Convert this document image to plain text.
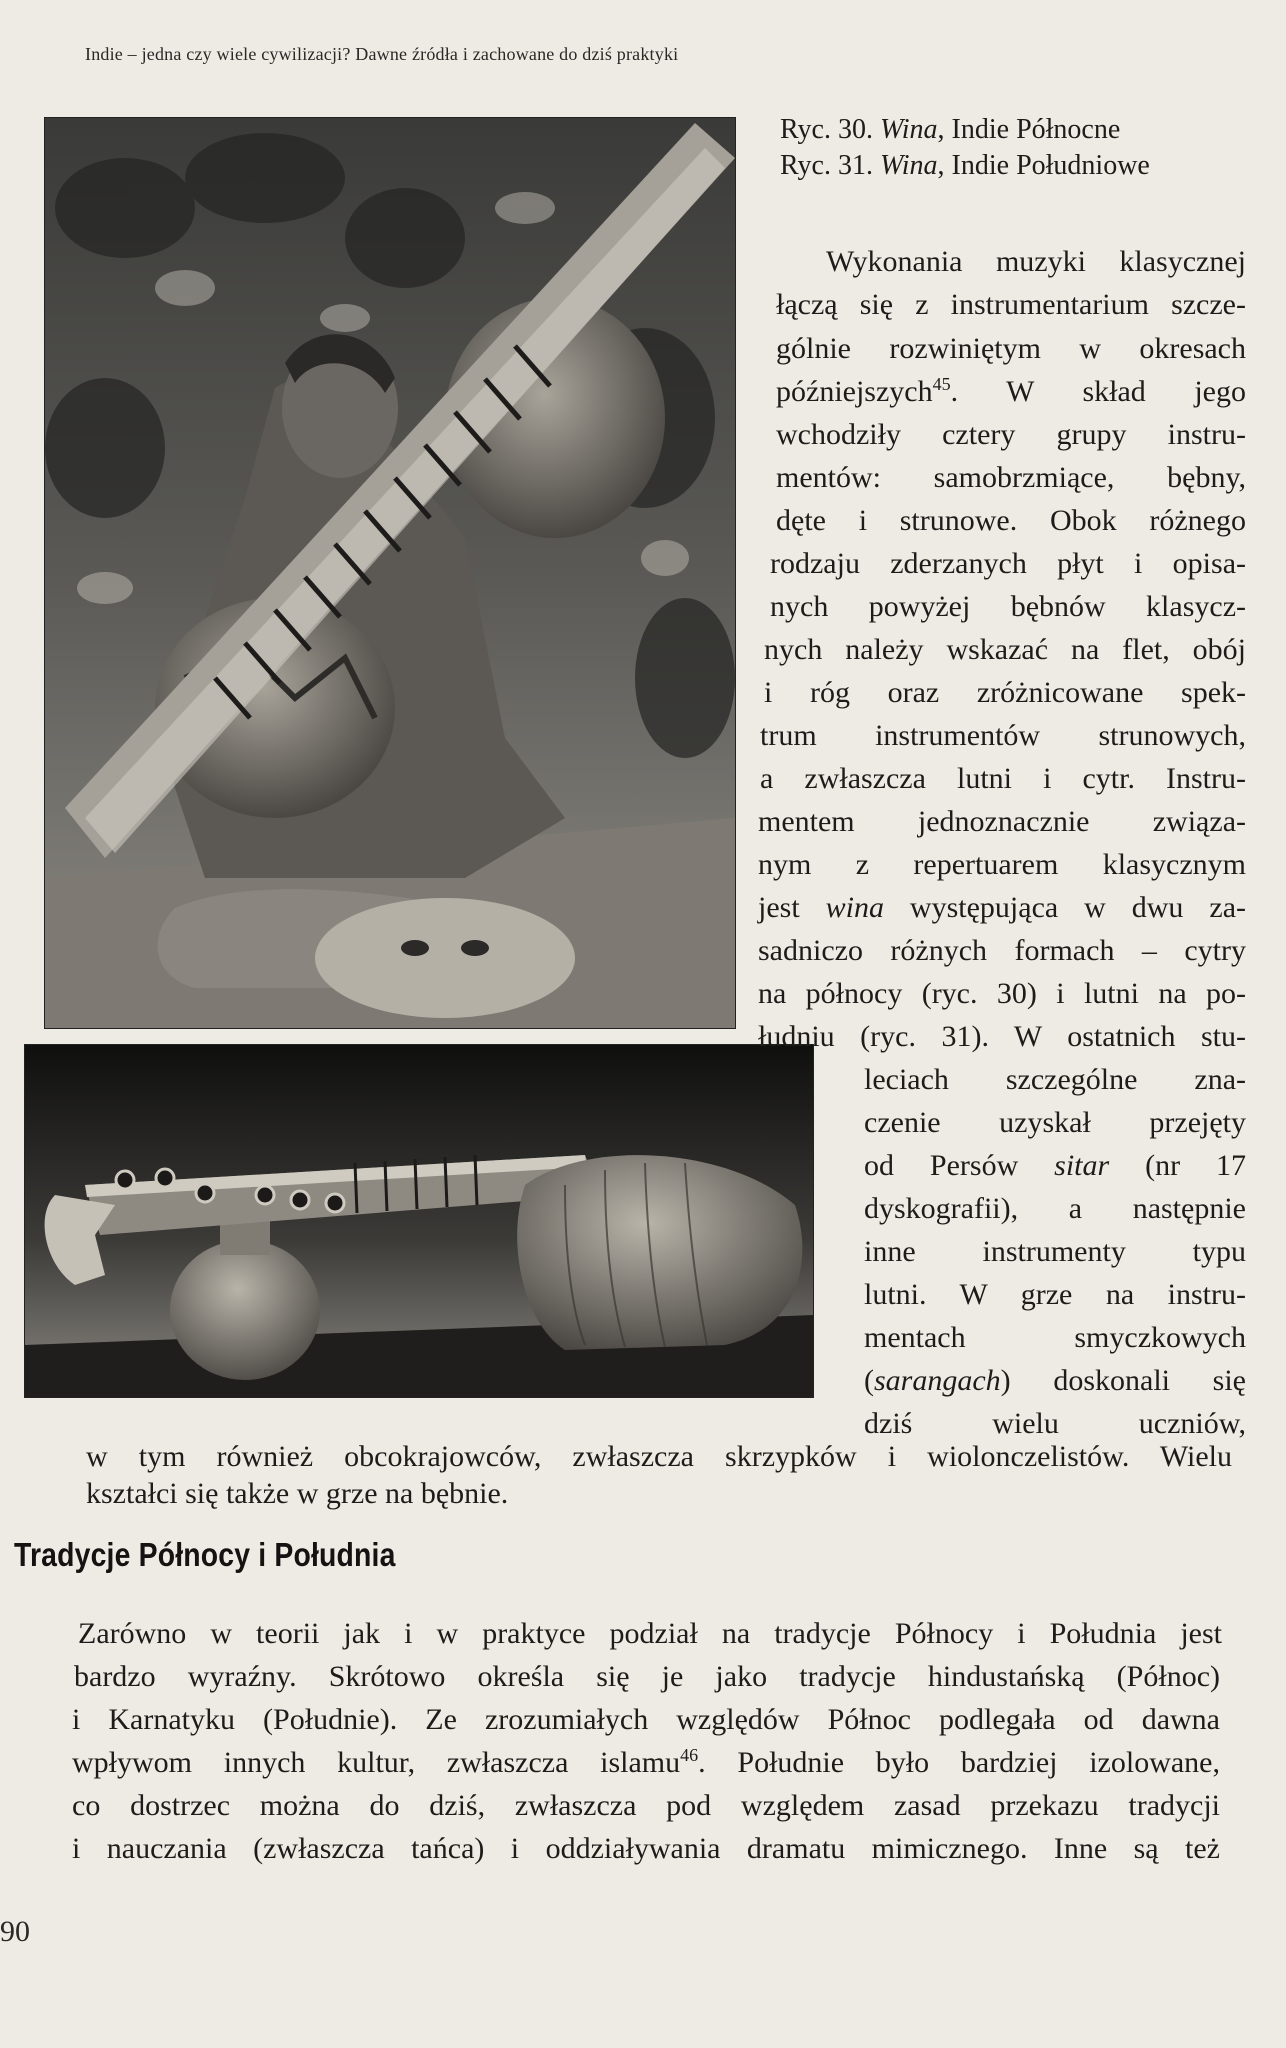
Indie – jedna czy wiele cywilizacji? Dawne źródła i zachowane do dziś praktyki
Ryc. 30. Wina, Indie Północne
Ryc. 31. Wina, Indie Południowe
Wykonania muzyki klasycznej
łączą się z instrumentarium szcze-
gólnie rozwiniętym w okresach
późniejszych$^{45}$. W skład jego
wchodziły cztery grupy instru-
mentów: samobrzmiące, bębny,
dęte i strunowe. Obok różnego
rodzaju zderzanych płyt i opisa-
nych powyżej bębnów klasycz-
nych należy wskazać na flet, obój
i róg oraz zróżnicowane spek-
trum instrumentów strunowych,
a zwłaszcza lutni i cytr. Instru-
mentem jednoznacznie związa-
nym z repertuarem klasycznym
jest wina występująca w dwu za-
sadniczo różnych formach – cytry
na północy (ryc. 30) i lutni na po-
łudniu (ryc. 31). W ostatnich stu-
leciach szczególne zna-
czenie uzyskał przejęty
od Persów sitar (nr 17
dyskografii), a następnie
inne instrumenty typu
lutni. W grze na instru-
mentach smyczkowych
(sarangach) doskonali się
dziś wielu uczniów,
w tym również obcokrajowców, zwłaszcza skrzypków i wiolonczelistów. Wielu
kształci się także w grze na bębnie.
Tradycje Północy i Południa
Zarówno w teorii jak i w praktyce podział na tradycje Północy i Południa jest
bardzo wyraźny. Skrótowo określa się je jako tradycje hindustańską (Północ)
i Karnatyku (Południe). Ze zrozumiałych względów Północ podlegała od dawna
wpływom innych kultur, zwłaszcza islamu$^{46}$. Południe było bardziej izolowane,
co dostrzec można do dziś, zwłaszcza pod względem zasad przekazu tradycji
i nauczania (zwłaszcza tańca) i oddziaływania dramatu mimicznego. Inne są też
90
